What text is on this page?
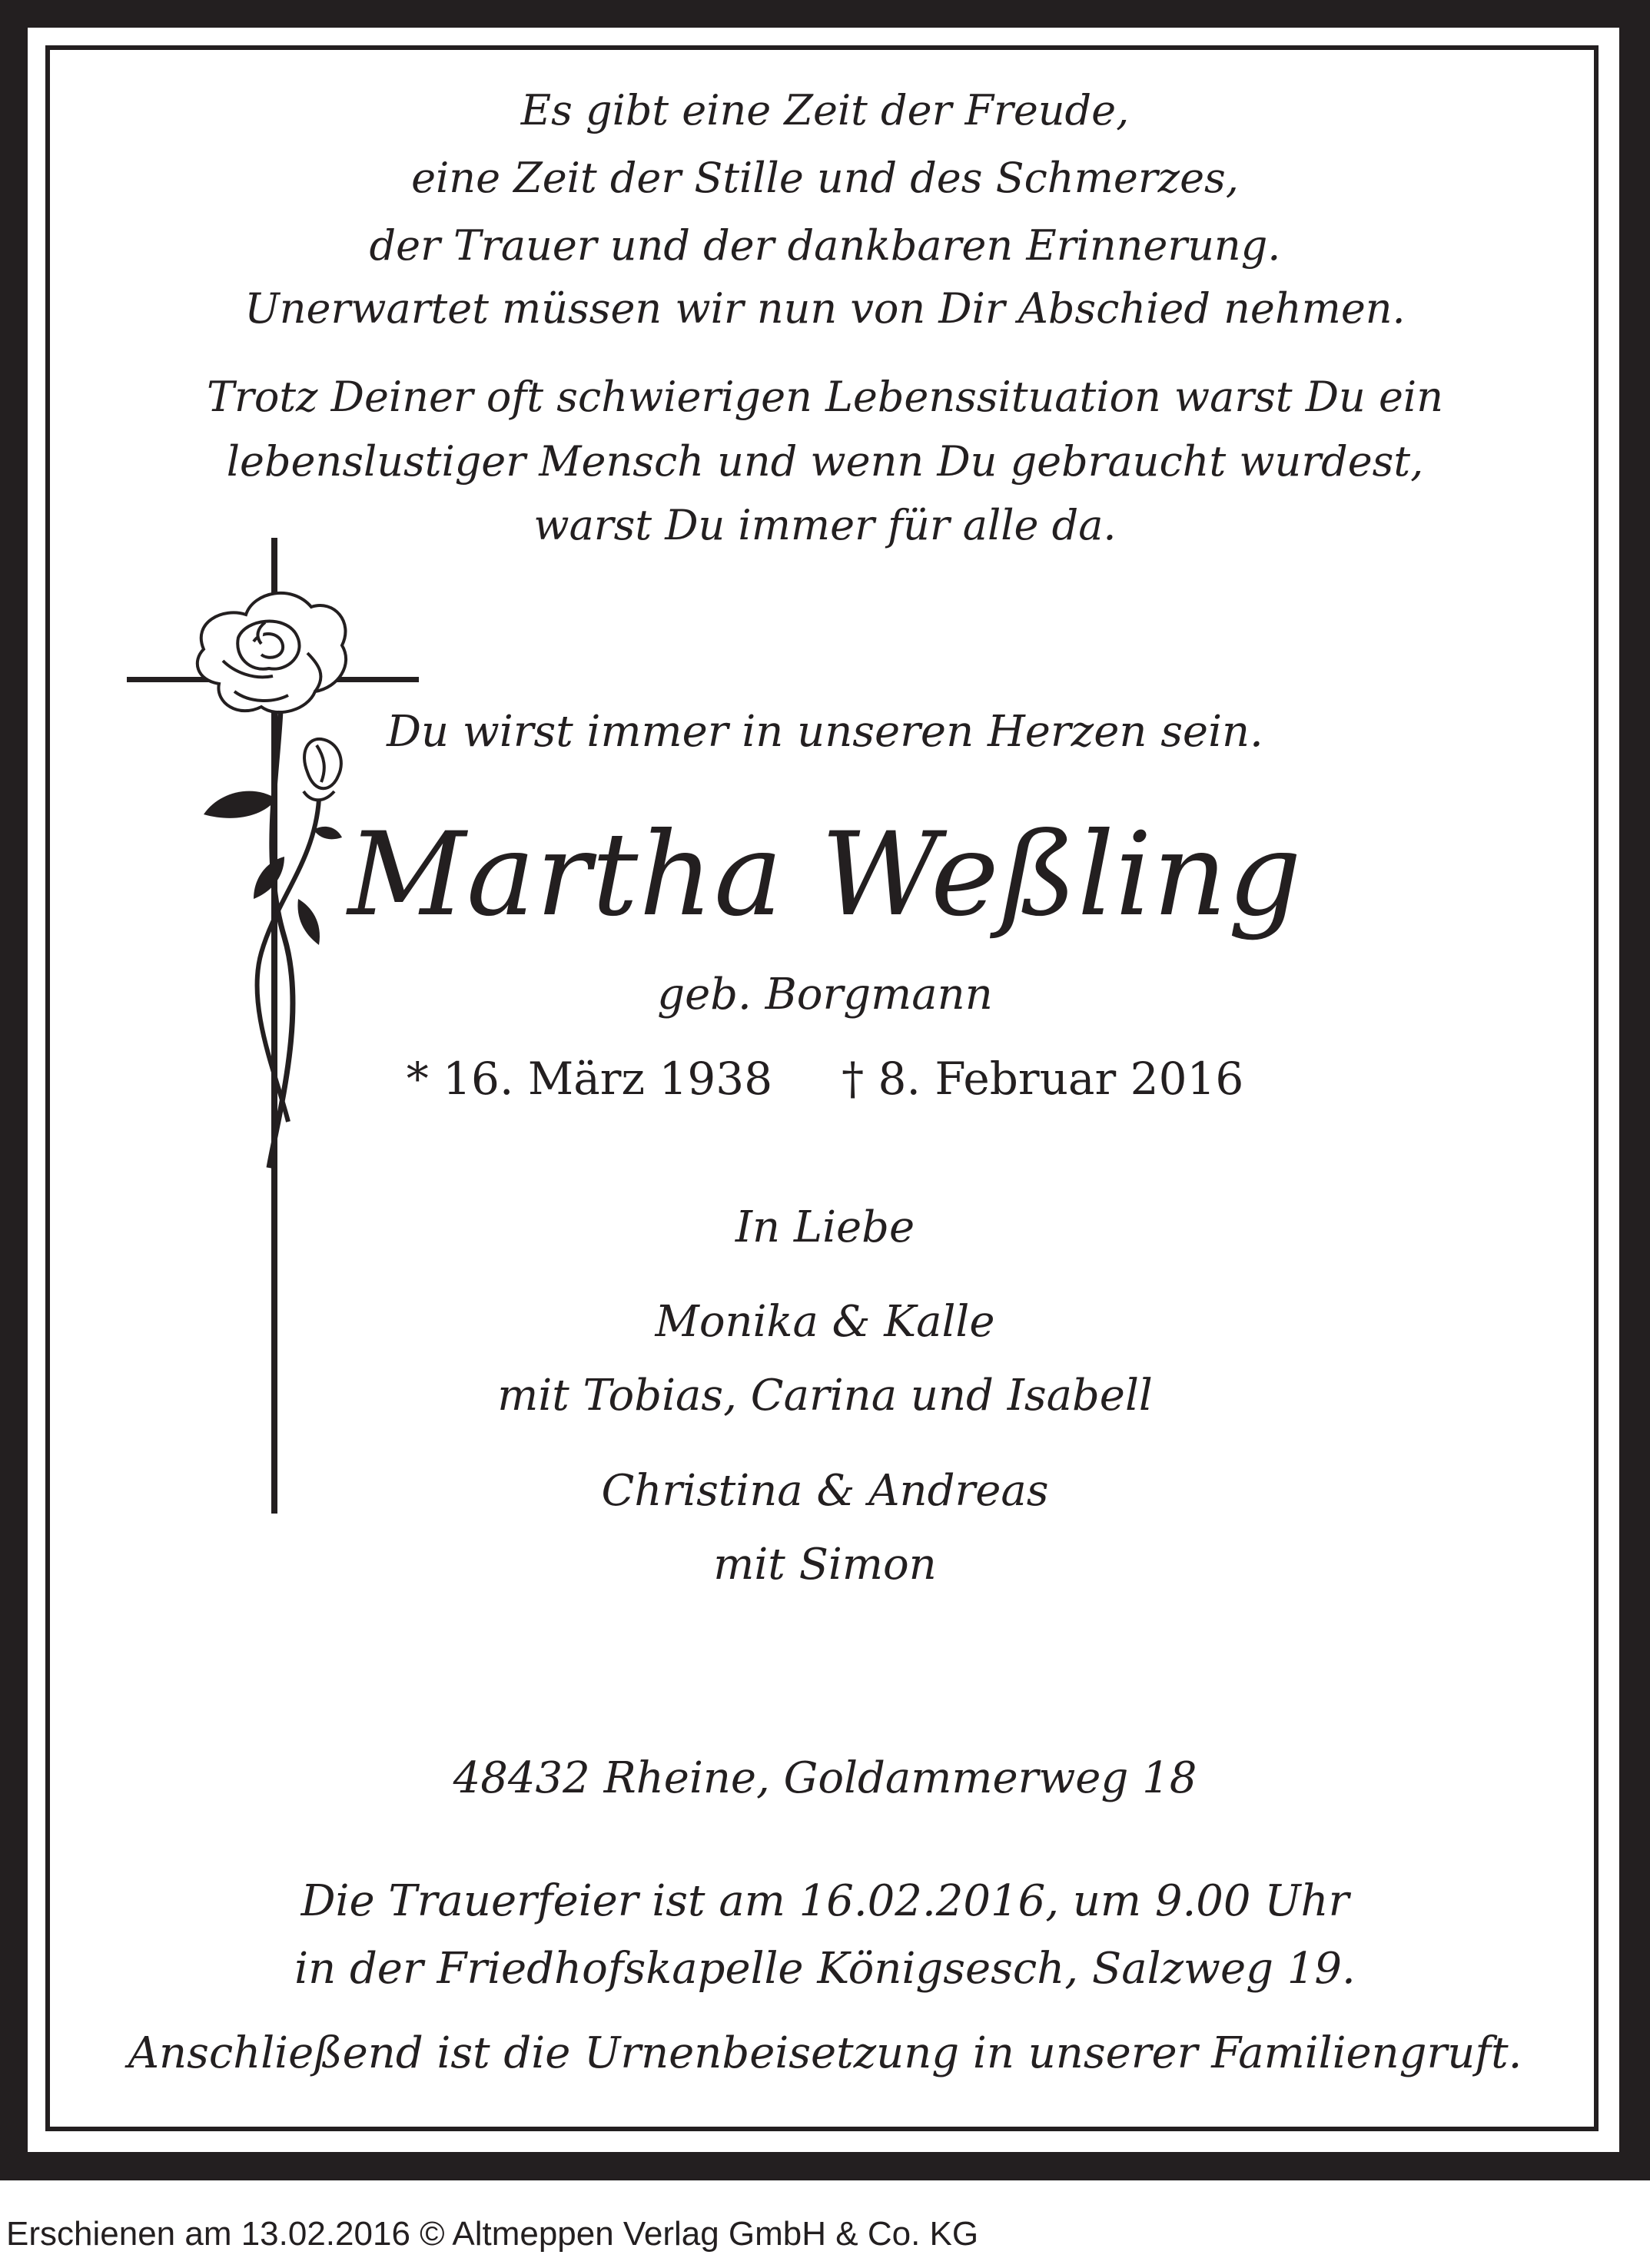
Es gibt eine Zeit der Freude,
eine Zeit der Stille und des Schmerzes,
der Trauer und der dankbaren Erinnerung.
Unerwartet müssen wir nun von Dir Abschied nehmen.
Trotz Deiner oft schwierigen Lebenssituation warst Du ein
lebenslustiger Mensch und wenn Du gebraucht wurdest,
warst Du immer für alle da.
Du wirst immer in unseren Herzen sein.
Martha Weßling
geb. Borgmann
* 16. März 1938 † 8. Februar 2016
In Liebe
Monika & Kalle
mit Tobias, Carina und Isabell
Christina & Andreas
mit Simon
48432 Rheine, Goldammerweg 18
Die Trauerfeier ist am 16.02.2016, um 9.00 Uhr
in der Friedhofskapelle Königsesch, Salzweg 19.
Anschließend ist die Urnenbeisetzung in unserer Familiengruft.
Erschienen am 13.02.2016 © Altmeppen Verlag GmbH & Co. KG
